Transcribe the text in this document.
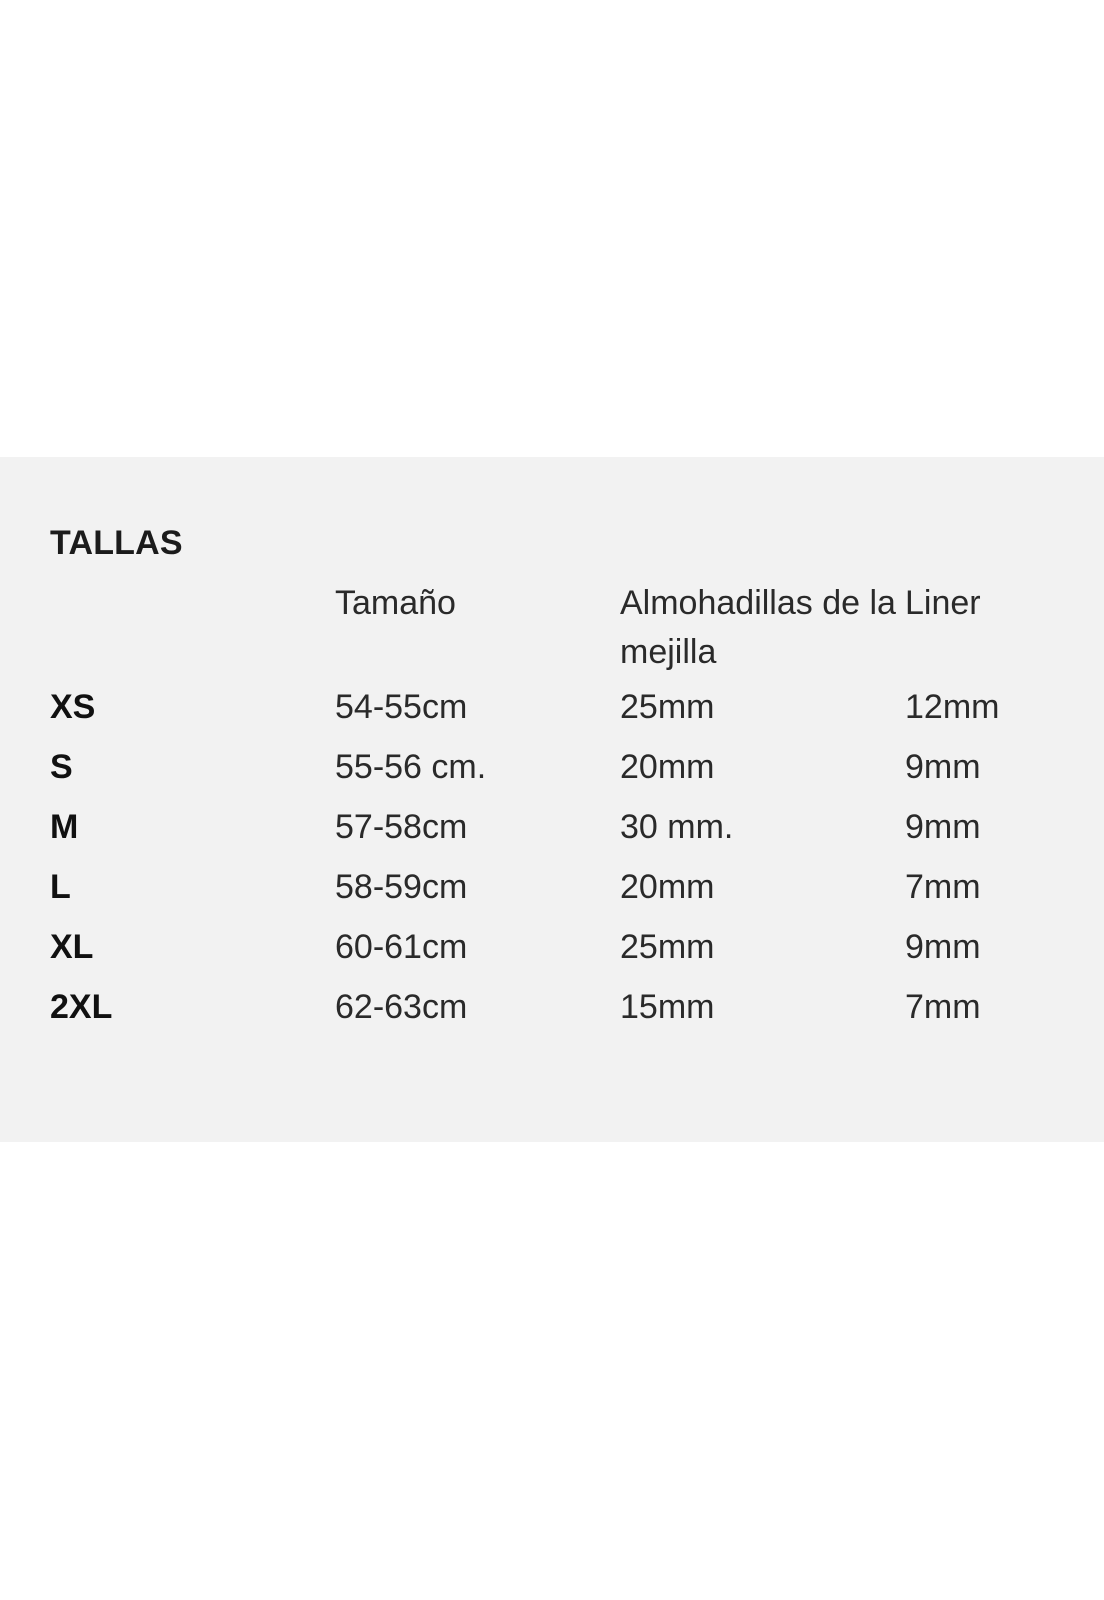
TALLAS
	Tamaño	Almohadillas de la mejilla	Liner
XS	54-55cm	25mm	12mm
S	55-56 cm.	20mm	9mm
M	57-58cm	30 mm.	9mm
L	58-59cm	20mm	7mm
XL	60-61cm	25mm	9mm
2XL	62-63cm	15mm	7mm
